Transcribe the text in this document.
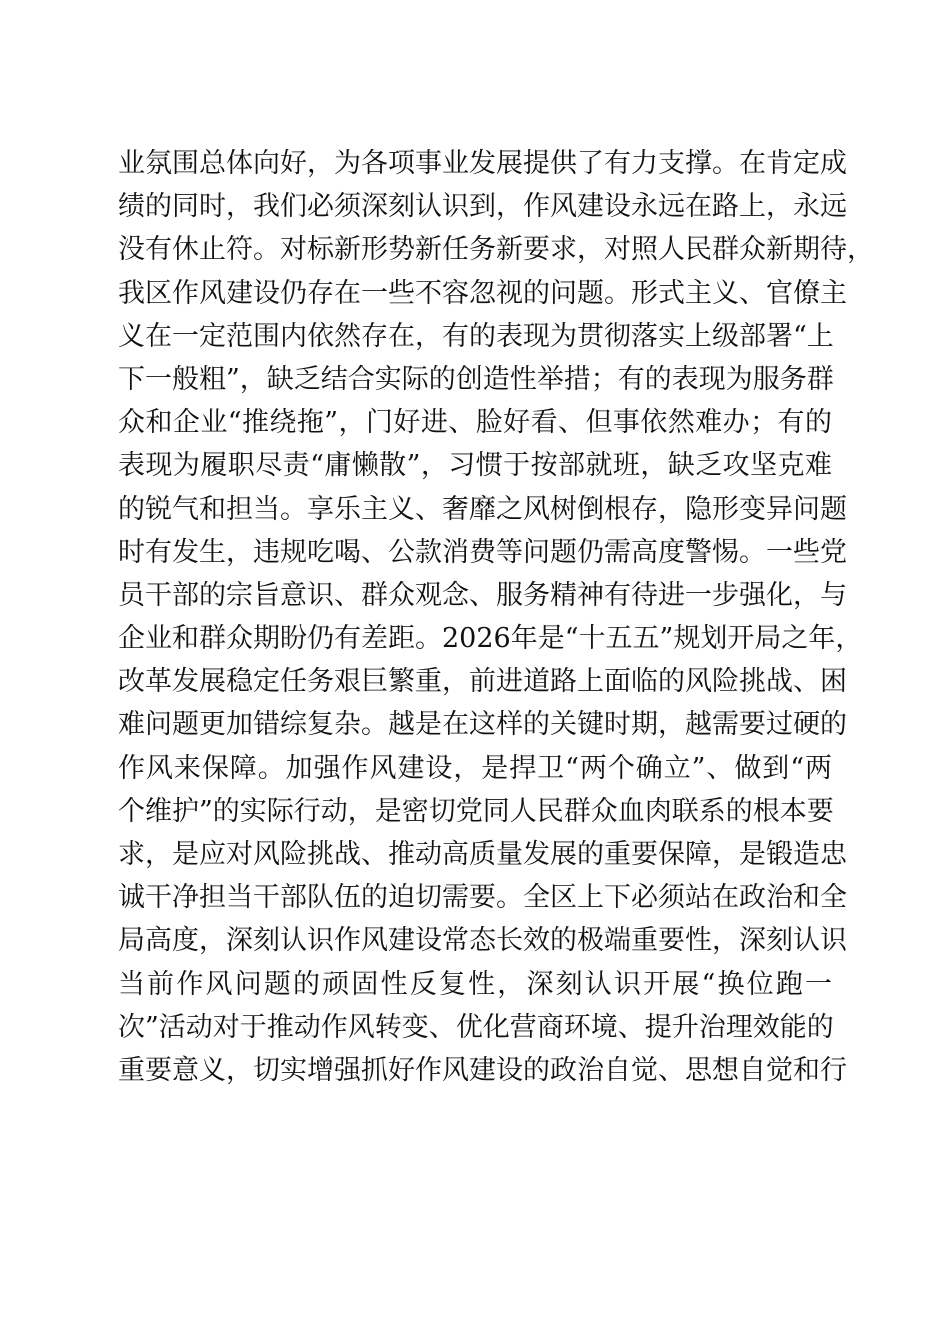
业氛围总体向好，为各项事业发展提供了有力支撑。在肯定成
绩的同时，我们必须深刻认识到，作风建设永远在路上，永远
没有休止符。对标新形势新任务新要求，对照人民群众新期待，
我区作风建设仍存在一些不容忽视的问题。形式主义、官僚主
义在一定范围内依然存在，有的表现为贯彻落实上级部署“上
下一般粗”，缺乏结合实际的创造性举措；有的表现为服务群
众和企业“推绕拖”，门好进、脸好看、但事依然难办；有的
表现为履职尽责“庸懒散”，习惯于按部就班，缺乏攻坚克难
的锐气和担当。享乐主义、奢靡之风树倒根存，隐形变异问题
时有发生，违规吃喝、公款消费等问题仍需高度警惕。一些党
员干部的宗旨意识、群众观念、服务精神有待进一步强化，与
企业和群众期盼仍有差距。2026年是“十五五”规划开局之年，
改革发展稳定任务艰巨繁重，前进道路上面临的风险挑战、困
难问题更加错综复杂。越是在这样的关键时期，越需要过硬的
作风来保障。加强作风建设，是捍卫“两个确立”、做到“两
个维护”的实际行动，是密切党同人民群众血肉联系的根本要
求，是应对风险挑战、推动高质量发展的重要保障，是锻造忠
诚干净担当干部队伍的迫切需要。全区上下必须站在政治和全
局高度，深刻认识作风建设常态长效的极端重要性，深刻认识
当前作风问题的顽固性反复性，深刻认识开展“换位跑一
次”活动对于推动作风转变、优化营商环境、提升治理效能的
重要意义，切实增强抓好作风建设的政治自觉、思想自觉和行
